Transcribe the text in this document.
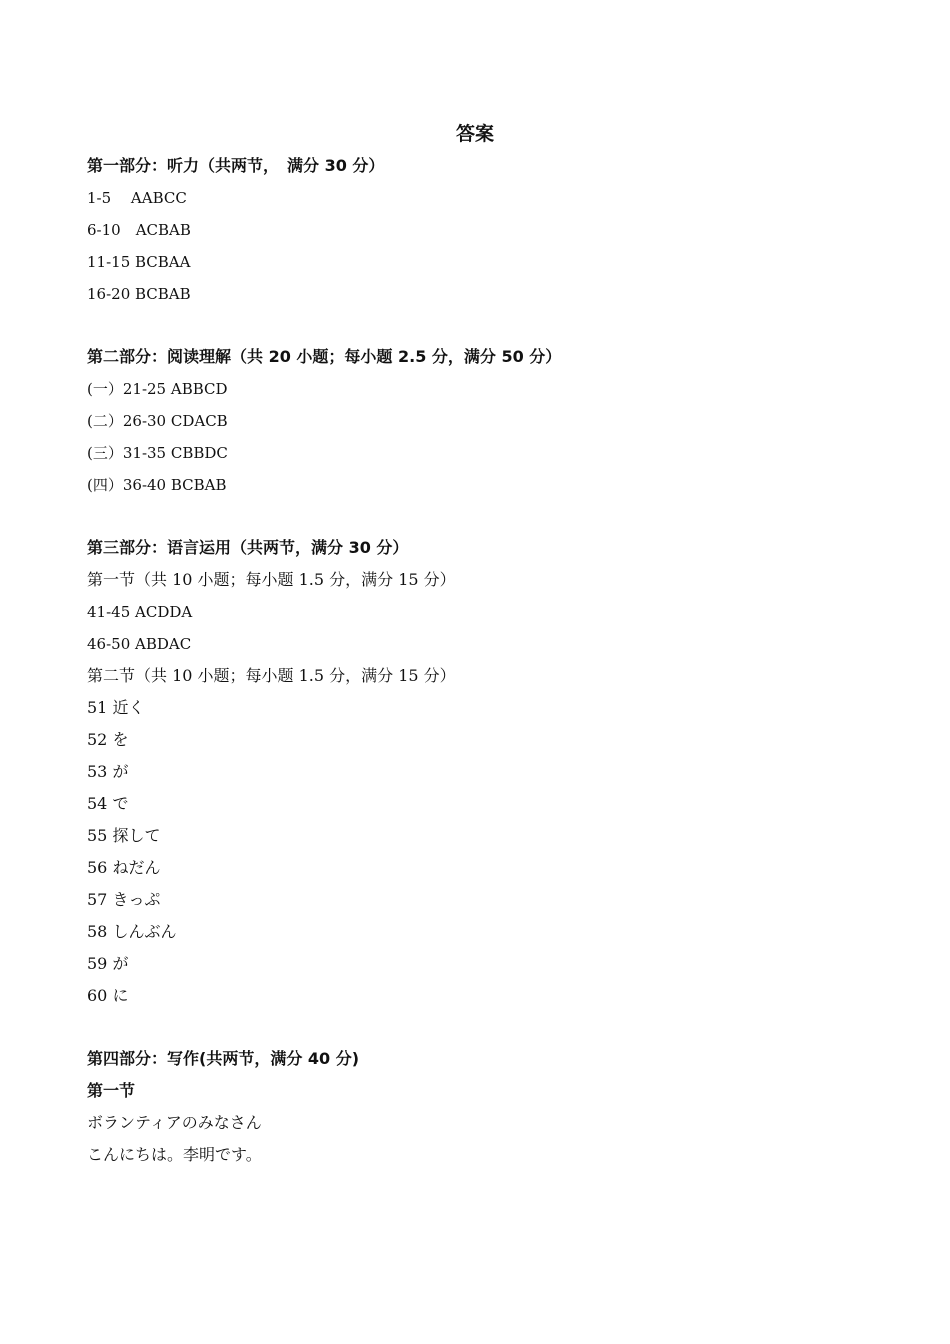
答案
第一部分：听力（共两节，　满分 30 分）
1-5　 AABCC
6-10　ACBAB
11-15 BCBAA
16-20 BCBAB
第二部分：阅读理解（共 20 小题；每小题 2.5 分，满分 50 分）
(一）21-25 ABBCD
(二）26-30 CDACB
(三）31-35 CBBDC
(四）36-40 BCBAB
第三部分：语言运用（共两节，满分 30 分）
第一节（共 10 小题；每小题 1.5 分，满分 15 分）
41-45 ACDDA
46-50 ABDAC
第二节（共 10 小题；每小题 1.5 分，满分 15 分）
51 近く
52 を
53 が
54 で
55 探して
56 ねだん
57 きっぷ
58 しんぶん
59 が
60 に
第四部分：写作(共两节，满分 40 分)
第一节
ボランティアのみなさん
こんにちは。李明です。
